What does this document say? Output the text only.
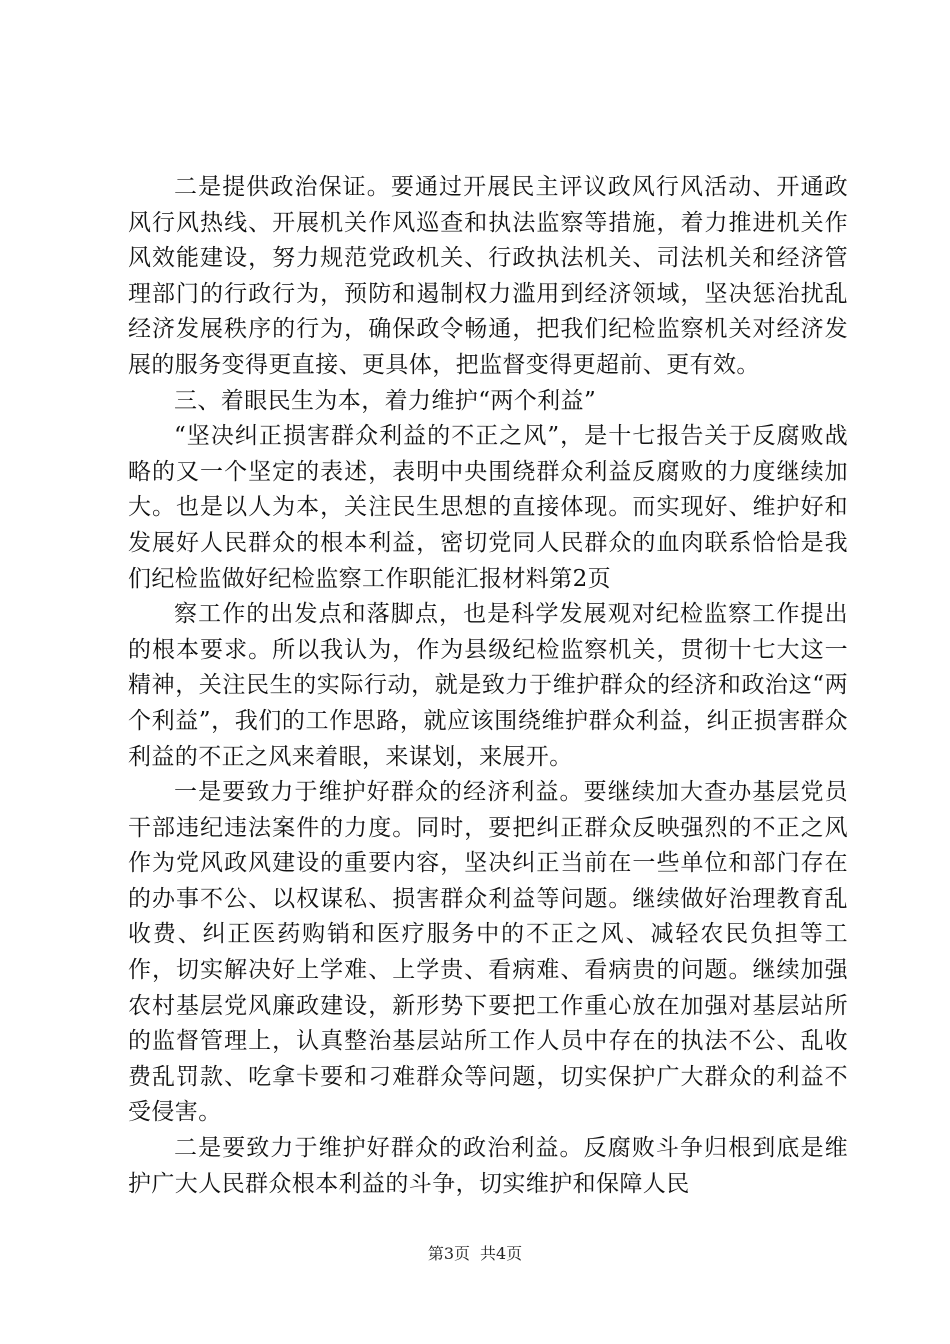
二是提供政治保证。要通过开展民主评议政风行风活动、开通政风行风热线、开展机关作风巡查和执法监察等措施，着力推进机关作风效能建设，努力规范党政机关、行政执法机关、司法机关和经济管理部门的行政行为，预防和遏制权力滥用到经济领域，坚决惩治扰乱经济发展秩序的行为，确保政令畅通，把我们纪检监察机关对经济发展的服务变得更直接、更具体，把监督变得更超前、更有效。

三、着眼民生为本，着力维护“两个利益”

“坚决纠正损害群众利益的不正之风”，是十七报告关于反腐败战略的又一个坚定的表述，表明中央围绕群众利益反腐败的力度继续加大。也是以人为本，关注民生思想的直接体现。而实现好、维护好和发展好人民群众的根本利益，密切党同人民群众的血肉联系恰恰是我们纪检监做好纪检监察工作职能汇报材料第2页

察工作的出发点和落脚点，也是科学发展观对纪检监察工作提出的根本要求。所以我认为，作为县级纪检监察机关，贯彻十七大这一精神，关注民生的实际行动，就是致力于维护群众的经济和政治这“两个利益”，我们的工作思路，就应该围绕维护群众利益，纠正损害群众利益的不正之风来着眼，来谋划，来展开。

一是要致力于维护好群众的经济利益。要继续加大查办基层党员干部违纪违法案件的力度。同时，要把纠正群众反映强烈的不正之风作为党风政风建设的重要内容，坚决纠正当前在一些单位和部门存在的办事不公、以权谋私、损害群众利益等问题。继续做好治理教育乱收费、纠正医药购销和医疗服务中的不正之风、减轻农民负担等工作，切实解决好上学难、上学贵、看病难、看病贵的问题。继续加强农村基层党风廉政建设，新形势下要把工作重心放在加强对基层站所的监督管理上，认真整治基层站所工作人员中存在的执法不公、乱收费乱罚款、吃拿卡要和刁难群众等问题，切实保护广大群众的利益不受侵害。

二是要致力于维护好群众的政治利益。反腐败斗争归根到底是维护广大人民群众根本利益的斗争，切实维护和保障人民

第3页 共4页
